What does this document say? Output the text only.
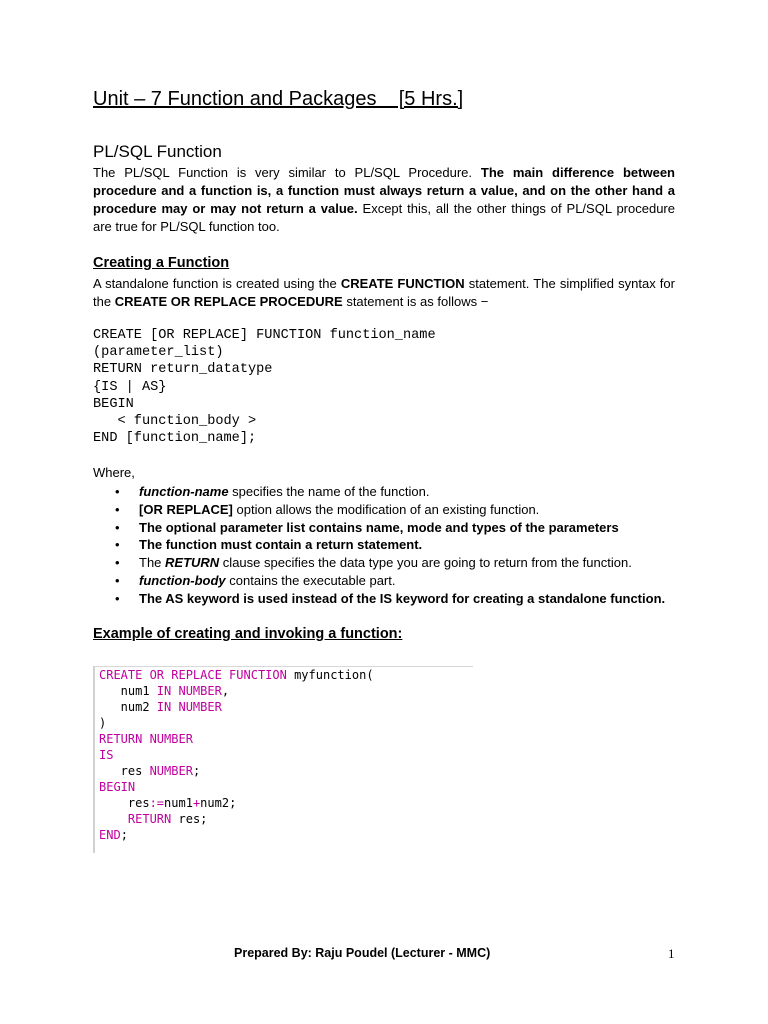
Unit – 7 Function and Packages    [5 Hrs.]
PL/SQL Function

The PL/SQL Function is very similar to PL/SQL Procedure. The main difference between procedure and a function is, a function must always return a value, and on the other hand a procedure may or may not return a value. Except this, all the other things of PL/SQL procedure are true for PL/SQL function too.

Creating a Function

A standalone function is created using the CREATE FUNCTION statement. The simplified syntax for the CREATE OR REPLACE PROCEDURE statement is as follows −

CREATE [OR REPLACE] FUNCTION function_name
(parameter_list)
RETURN return_datatype
{IS | AS}
BEGIN
< function_body >
END [function_name];

Where,

• function-name specifies the name of the function.
• [OR REPLACE] option allows the modification of an existing function.
• The optional parameter list contains name, mode and types of the parameters
• The function must contain a return statement.
• The RETURN clause specifies the data type you are going to return from the function.
• function-body contains the executable part.
• The AS keyword is used instead of the IS keyword for creating a standalone function.
Example of creating and invoking a function:
CREATE OR REPLACE FUNCTION myfunction(
num1 IN NUMBER,
num2 IN NUMBER
)
RETURN NUMBER
IS
res NUMBER;
BEGIN
res:=num1+num2;
RETURN res;
END;

Prepared By: Raju Poudel (Lecturer - MMC)	1
